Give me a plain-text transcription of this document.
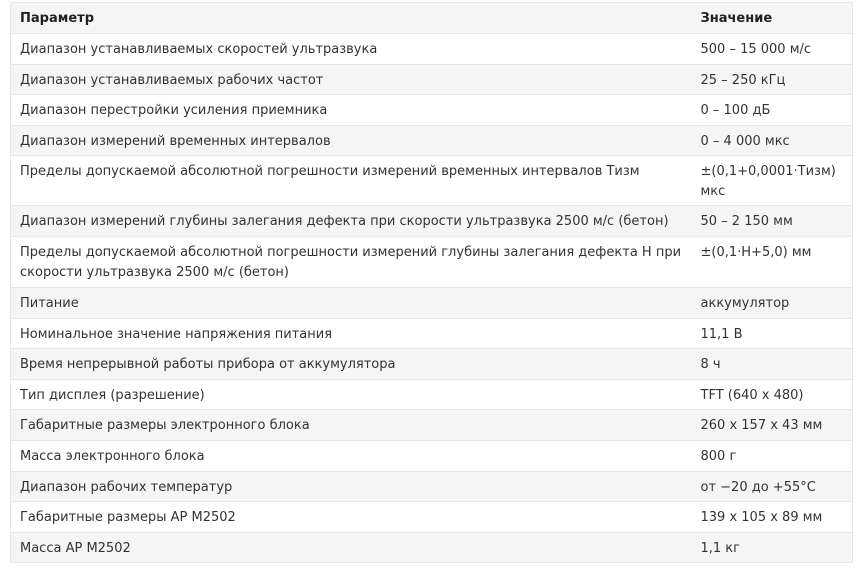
Параметр	Значение
Диапазон устанавливаемых скоростей ультразвука	500 – 15 000 м/с
Диапазон устанавливаемых рабочих частот	25 – 250 кГц
Диапазон перестройки усиления приемника	0 – 100 дБ
Диапазон измерений временных интервалов	0 – 4 000 мкс
Пределы допускаемой абсолютной погрешности измерений временных интервалов Тизм	±(0,1+0,0001·Тизм) мкс
Диапазон измерений глубины залегания дефекта при скорости ультразвука 2500 м/с (бетон)	50 – 2 150 мм
Пределы допускаемой абсолютной погрешности измерений глубины залегания дефекта Н при скорости ультразвука 2500 м/с (бетон)	±(0,1·Н+5,0) мм
Питание	аккумулятор
Номинальное значение напряжения питания	11,1 В
Время непрерывной работы прибора от аккумулятора	8 ч
Тип дисплея (разрешение)	TFT (640 x 480)
Габаритные размеры электронного блока	260 x 157 x 43 мм
Масса электронного блока	800 г
Диапазон рабочих температур	от −20 до +55°С
Габаритные размеры АР М2502	139 x 105 x 89 мм
Масса АР М2502	1,1 кг
